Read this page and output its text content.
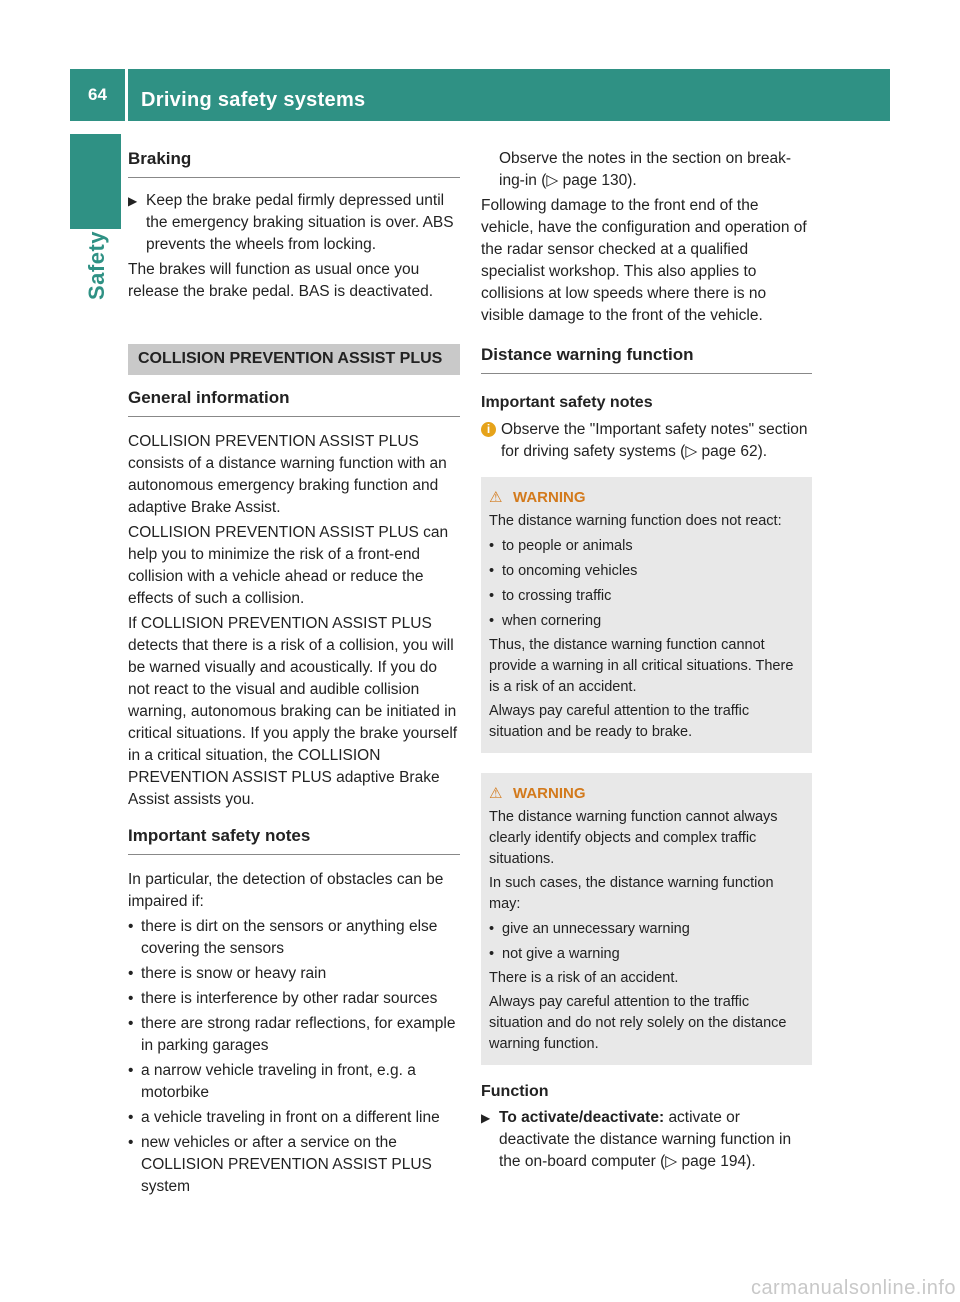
64	Driving safety systems
Safety
Braking
▶ Keep the brake pedal firmly depressed until the emergency braking situation is over. ABS prevents the wheels from locking.

The brakes will function as usual once you release the brake pedal. BAS is deactivated.

COLLISION PREVENTION ASSIST PLUS
General information

COLLISION PREVENTION ASSIST PLUS consists of a distance warning function with an autonomous emergency braking function and adaptive Brake Assist.

COLLISION PREVENTION ASSIST PLUS can help you to minimize the risk of a front-end collision with a vehicle ahead or reduce the effects of such a collision.

If COLLISION PREVENTION ASSIST PLUS detects that there is a risk of a collision, you will be warned visually and acoustically. If you do not react to the visual and audible collision warning, autonomous braking can be initiated in critical situations. If you apply the brake yourself in a critical situation, the COLLISION PREVENTION ASSIST PLUS adaptive Brake Assist assists you.

Important safety notes

In particular, the detection of obstacles can be impaired if:

• there is dirt on the sensors or anything else covering the sensors
• there is snow or heavy rain
• there is interference by other radar sources
• there are strong radar reflections, for example in parking garages
• a narrow vehicle traveling in front, e.g. a motorbike
• a vehicle traveling in front on a different line
• new vehicles or after a service on the COLLISION PREVENTION ASSIST PLUS system

Observe the notes in the section on break-ing-in (▷ page 130).

Following damage to the front end of the vehicle, have the configuration and operation of the radar sensor checked at a qualified specialist workshop. This also applies to collisions at low speeds where there is no visible damage to the front of the vehicle.

Distance warning function
Important safety notes
i Observe the "Important safety notes" section for driving safety systems (▷ page 62).
⚠ WARNING

The distance warning function does not react:

• to people or animals
• to oncoming vehicles
• to crossing traffic
• when cornering

Thus, the distance warning function cannot provide a warning in all critical situations. There is a risk of an accident.

Always pay careful attention to the traffic situation and be ready to brake.

⚠ WARNING

The distance warning function cannot always clearly identify objects and complex traffic situations.

In such cases, the distance warning function may:

• give an unnecessary warning
• not give a warning

There is a risk of an accident.

Always pay careful attention to the traffic situation and do not rely solely on the distance warning function.

Function
▶ To activate/deactivate: activate or deactivate the distance warning function in the on-board computer (▷ page 194).
carmanualsonline.info
